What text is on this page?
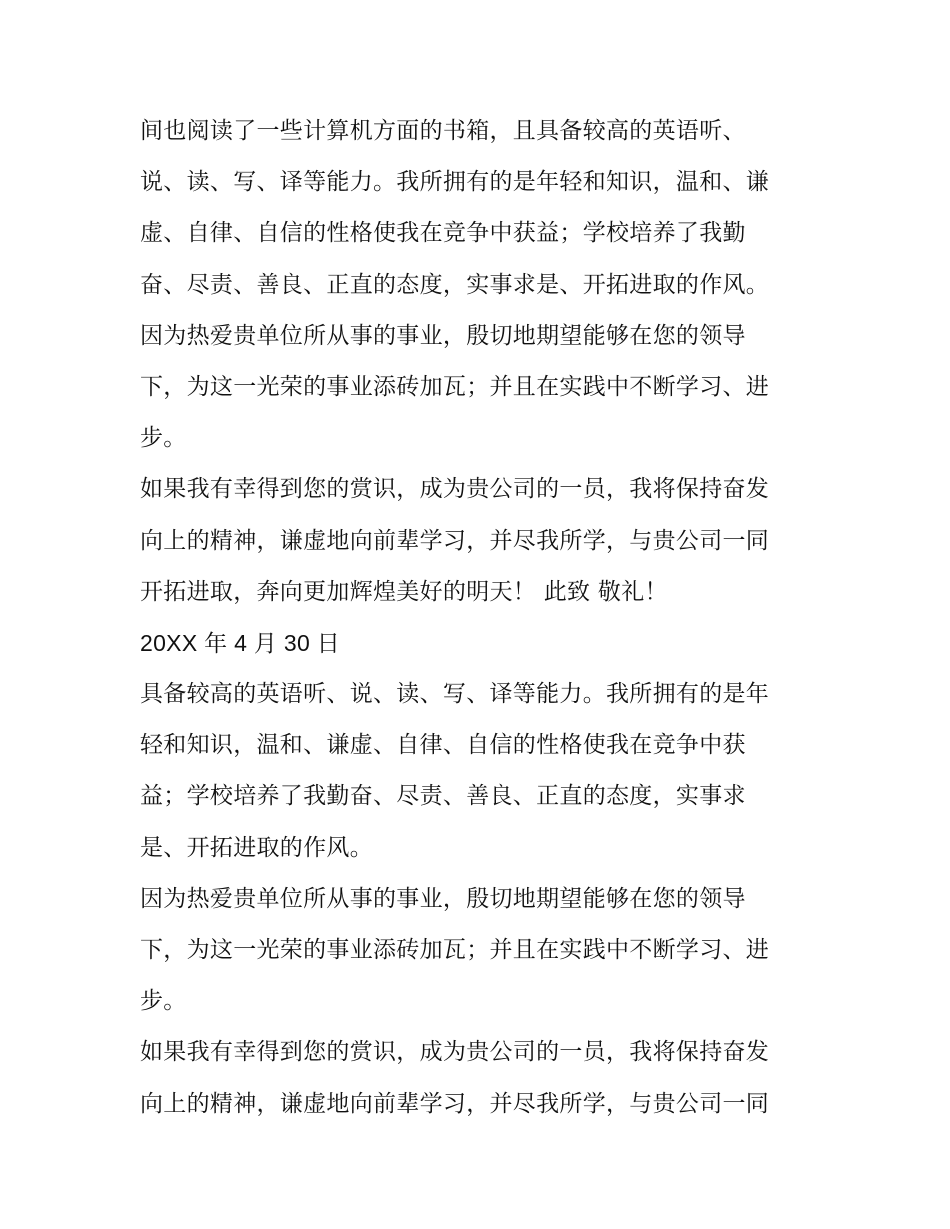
间也阅读了一些计算机方面的书箱，且具备较高的英语听、
说、读、写、译等能力。我所拥有的是年轻和知识，温和、谦
虚、自律、自信的性格使我在竞争中获益；学校培养了我勤
奋、尽责、善良、正直的态度，实事求是、开拓进取的作风。
因为热爱贵单位所从事的事业，殷切地期望能够在您的领导
下，为这一光荣的事业添砖加瓦；并且在实践中不断学习、进
步。
如果我有幸得到您的赏识，成为贵公司的一员，我将保持奋发
向上的精神，谦虚地向前辈学习，并尽我所学，与贵公司一同
开拓进取，奔向更加辉煌美好的明天！ 此致 敬礼！
20XX 年 4 月 30 日
具备较高的英语听、说、读、写、译等能力。我所拥有的是年
轻和知识，温和、谦虚、自律、自信的性格使我在竞争中获
益；学校培养了我勤奋、尽责、善良、正直的态度，实事求
是、开拓进取的作风。
因为热爱贵单位所从事的事业，殷切地期望能够在您的领导
下，为这一光荣的事业添砖加瓦；并且在实践中不断学习、进
步。
如果我有幸得到您的赏识，成为贵公司的一员，我将保持奋发
向上的精神，谦虚地向前辈学习，并尽我所学，与贵公司一同
